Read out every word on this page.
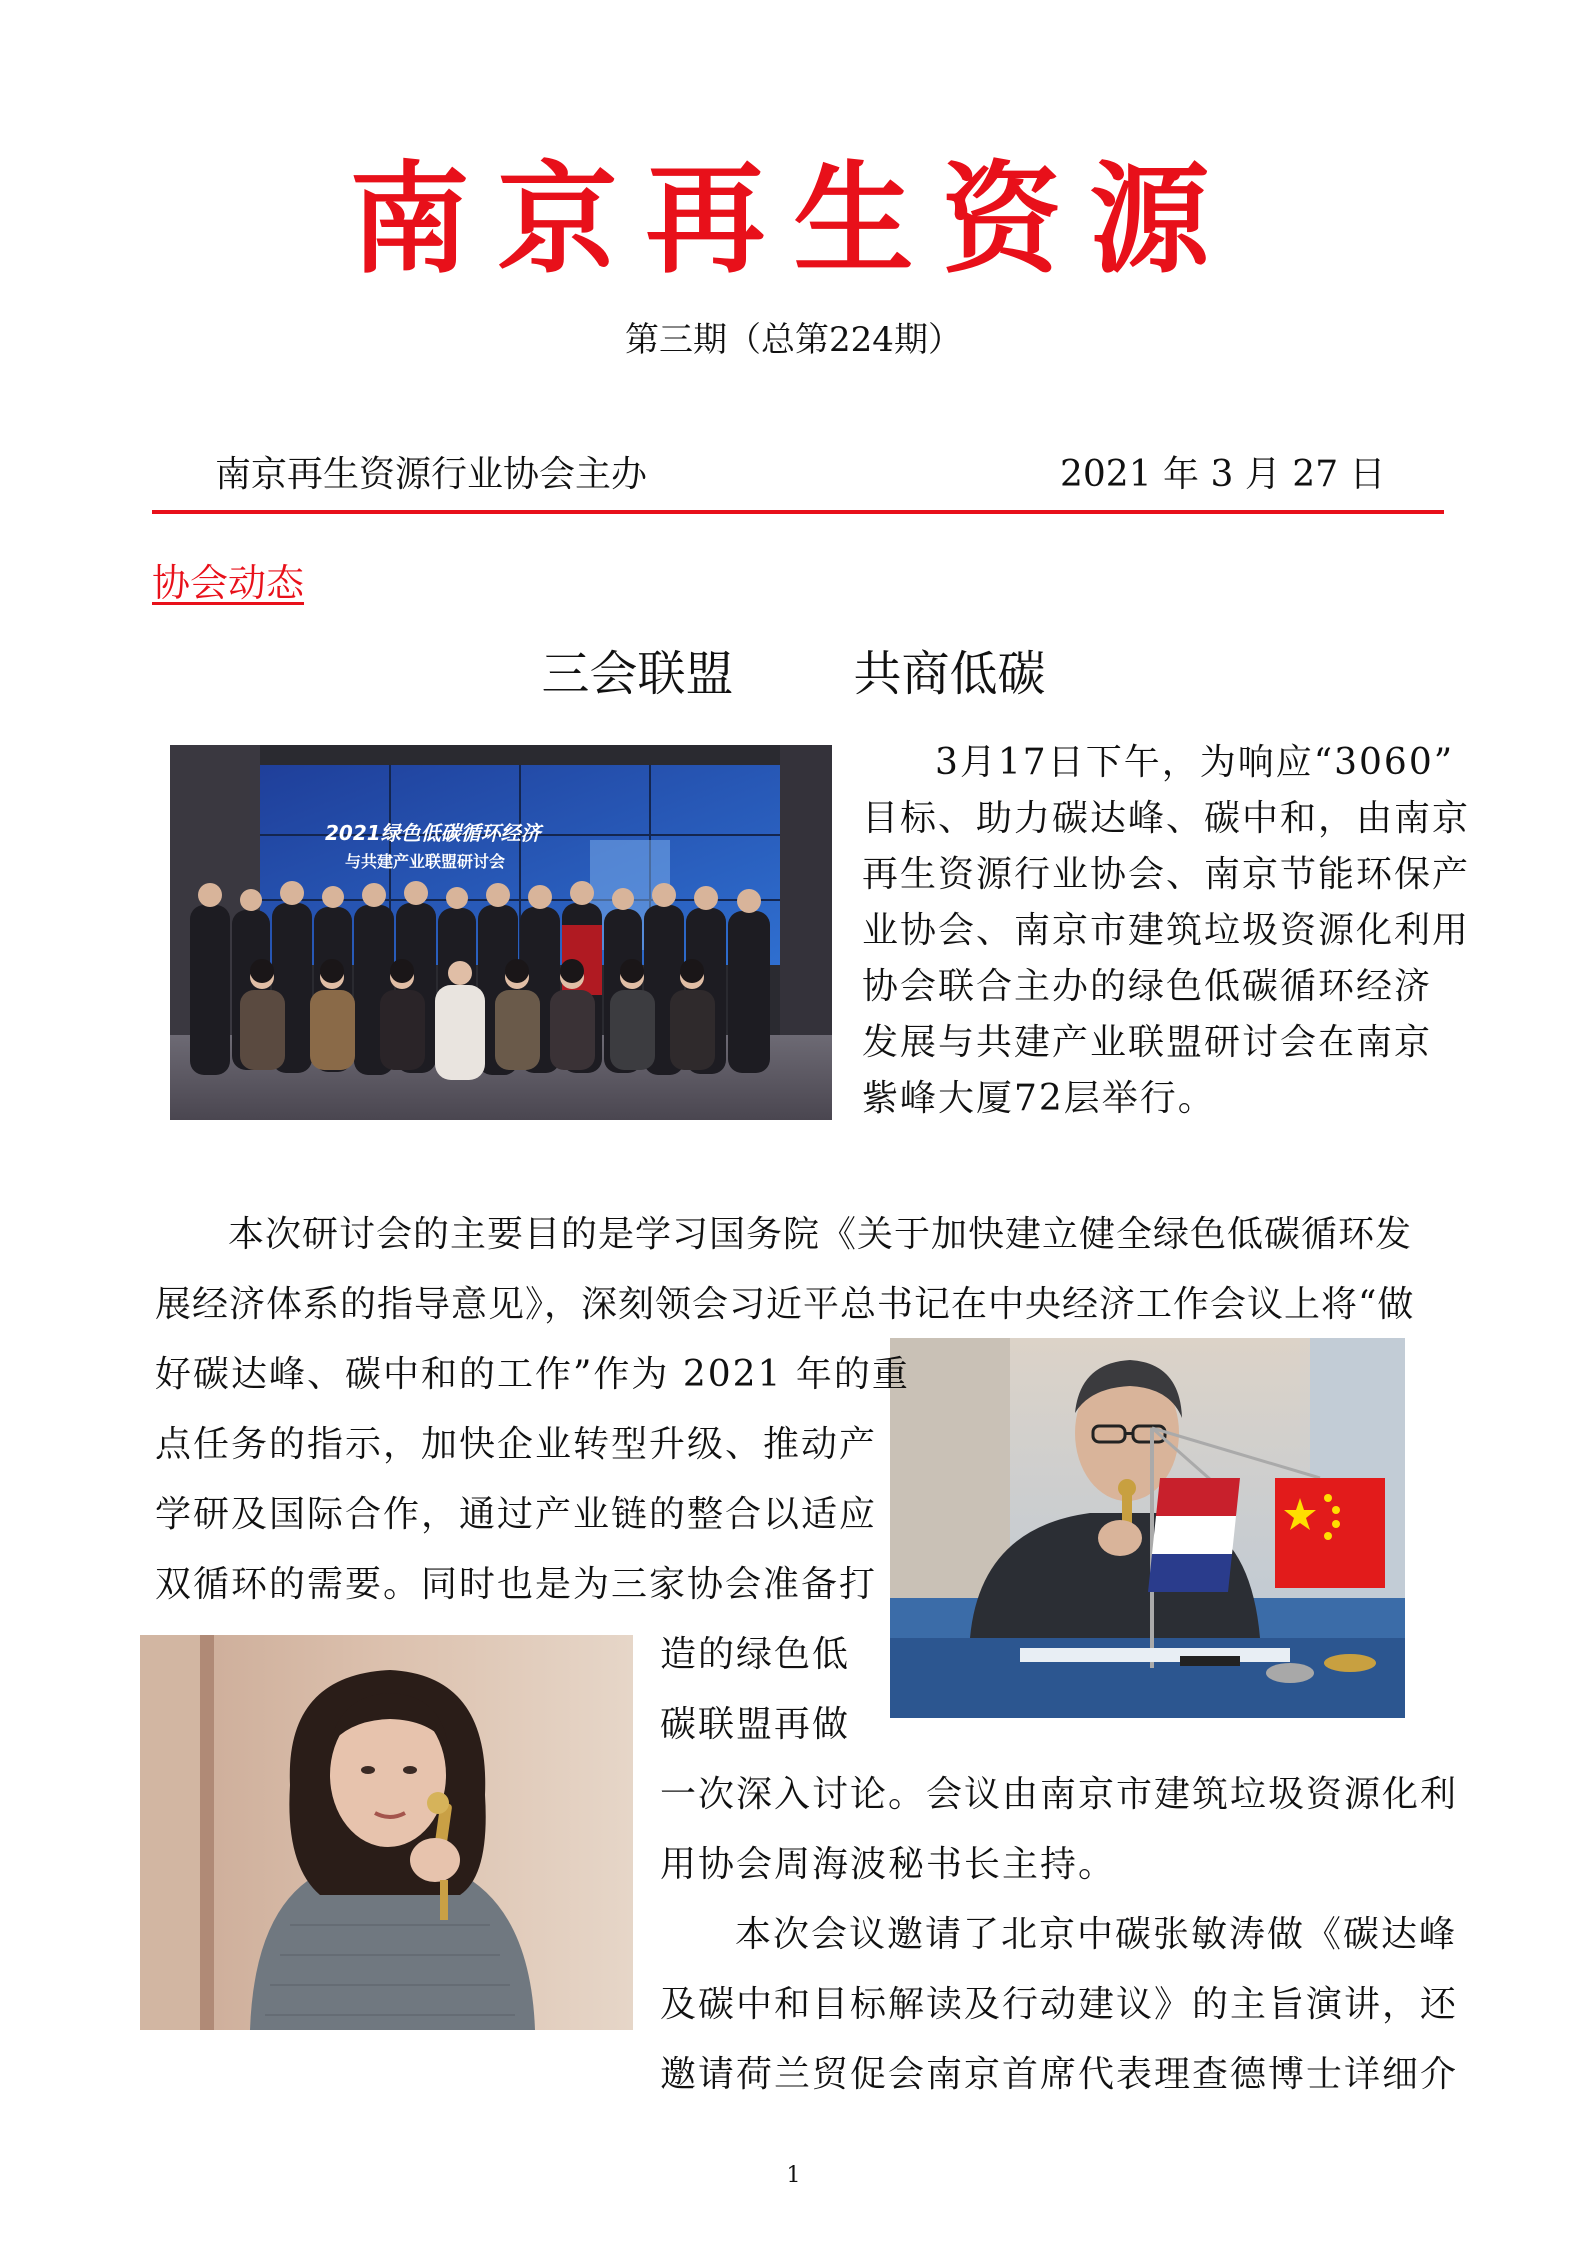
南京再生资源
第三期（总第224期）
南京再生资源行业协会主办	2021 年 3 月 27 日
协会动态
三会联盟	共商低碳
2021绿色低碳循环经济
与共建产业联盟研讨会
3月17日下午，为响应“3060”
目标、助力碳达峰、碳中和，由南京
再生资源行业协会、南京节能环保产
业协会、南京市建筑垃圾资源化利用
协会联合主办的绿色低碳循环经济
发展与共建产业联盟研讨会在南京
紫峰大厦72层举行。
本次研讨会的主要目的是学习国务院《关于加快建立健全绿色低碳循环发
展经济体系的指导意见》，深刻领会习近平总书记在中央经济工作会议上将“做
好碳达峰、碳中和的工作”作为 2021 年的重
点任务的指示，加快企业转型升级、推动产
学研及国际合作，通过产业链的整合以适应
双循环的需要。同时也是为三家协会准备打
造的绿色低
碳联盟再做
一次深入讨论。会议由南京市建筑垃圾资源化利
用协会周海波秘书长主持。
本次会议邀请了北京中碳张敏涛做《碳达峰
及碳中和目标解读及行动建议》的主旨演讲，还
邀请荷兰贸促会南京首席代表理查德博士详细介
1
